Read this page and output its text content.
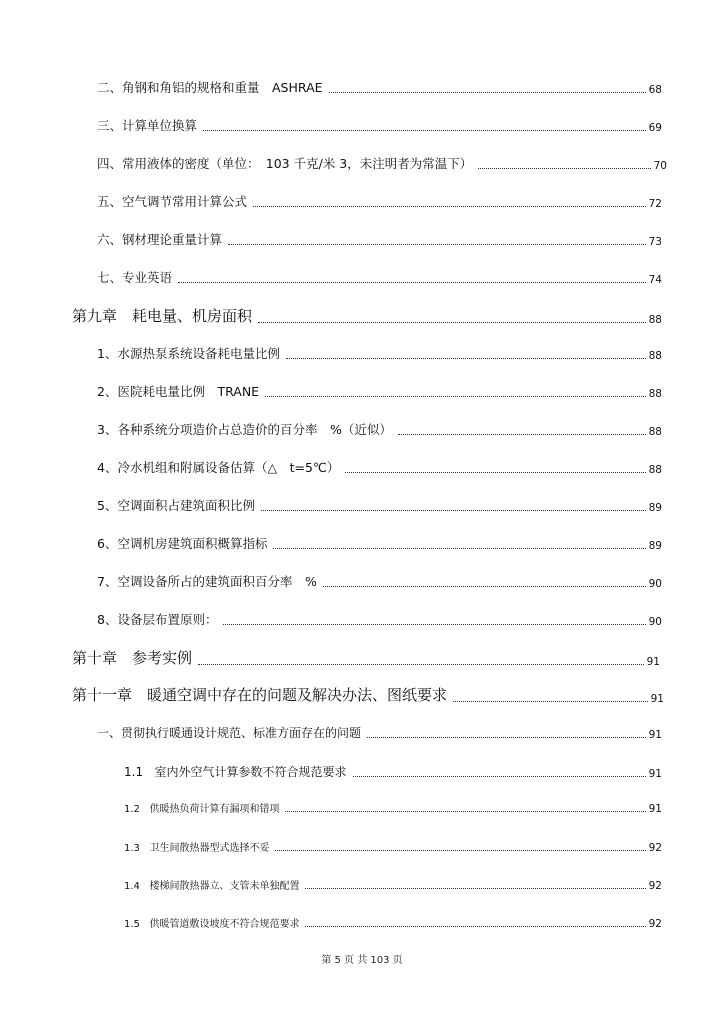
二、角钢和角铝的规格和重量　ASHRAE	68
三、计算单位换算	69
四、常用液体的密度（单位：　103 千克/米 3，未注明者为常温下）	70
五、空气调节常用计算公式	72
六、钢材理论重量计算	73
七、专业英语	74
第九章　耗电量、机房面积	88
1、水源热泵系统设备耗电量比例	88
2、医院耗电量比例　TRANE	88
3、各种系统分项造价占总造价的百分率　%（近似）	88
4、冷水机组和附属设备估算（△　t=5℃）	88
5、空调面积占建筑面积比例	89
6、空调机房建筑面积概算指标	89
7、空调设备所占的建筑面积百分率　%	90
8、设备层布置原则：	90
第十章　参考实例	91
第十一章　暖通空调中存在的问题及解决办法、图纸要求	91
一、贯彻执行暖通设计规范、标准方面存在的问题	91
1.1 室内外空气计算参数不符合规范要求	91
1.2 供暖热负荷计算有漏项和错项	91
1.3 卫生间散热器型式选择不妥	92
1.4 楼梯间散热器立、支管未单独配置	92
1.5 供暖管道敷设坡度不符合规范要求	92
第 5 页 共 103 页
